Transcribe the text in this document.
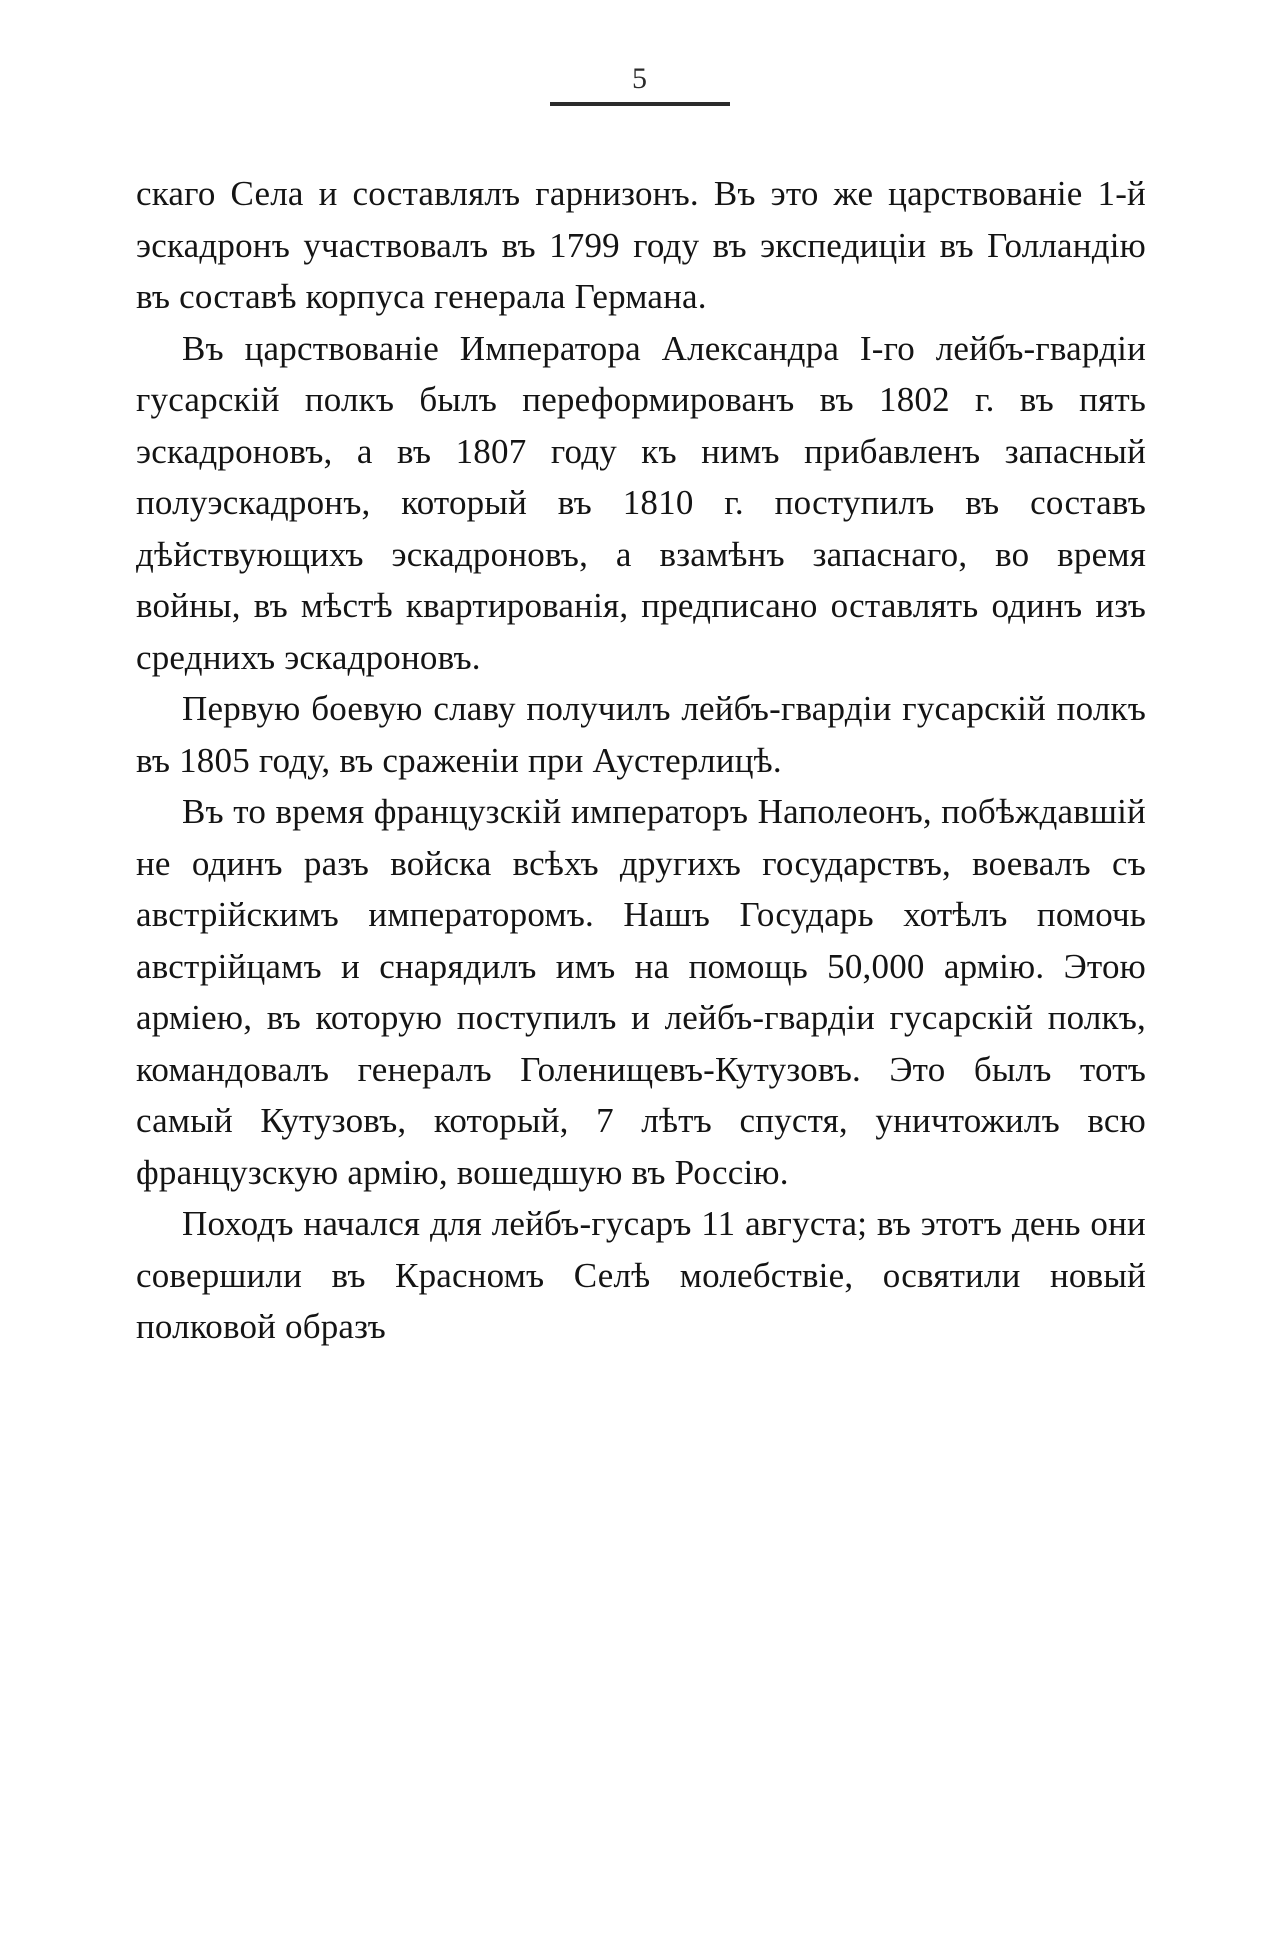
5

скаго Села и составлялъ гарнизонъ. Въ это же царствованіе 1-й эскадронъ участвовалъ въ 1799 году въ экспедиціи въ Голландію въ составѣ корпуса генерала Германа.

Въ царствованіе Императора Александра I-го лейбъ-гвардіи гусарскій полкъ былъ переформированъ въ 1802 г. въ пять эскадроновъ, а въ 1807 году къ нимъ прибавленъ запасный полуэскадронъ, который въ 1810 г. поступилъ въ составъ дѣйствующихъ эскадроновъ, а взамѣнъ запаснаго, во время войны, въ мѣстѣ квартированія, предписано оставлять одинъ изъ среднихъ эскадроновъ.

Первую боевую славу получилъ лейбъ-гвардіи гусарскій полкъ въ 1805 году, въ сраженіи при Аустерлицѣ.

Въ то время французскій императоръ Наполеонъ, побѣждавшій не одинъ разъ войска всѣхъ другихъ государствъ, воевалъ съ австрійскимъ императоромъ. Нашъ Государь хотѣлъ помочь австрійцамъ и снарядилъ имъ на помощь 50,000 армію. Этою арміею, въ которую поступилъ и лейбъ-гвардіи гусарскій полкъ, командовалъ генералъ Голенищевъ-Кутузовъ. Это былъ тотъ самый Кутузовъ, который, 7 лѣтъ спустя, уничтожилъ всю французскую армію, вошедшую въ Россію.

Походъ начался для лейбъ-гусаръ 11 августа; въ этотъ день они совершили въ Красномъ Селѣ молебствіе, освятили новый полковой образъ
